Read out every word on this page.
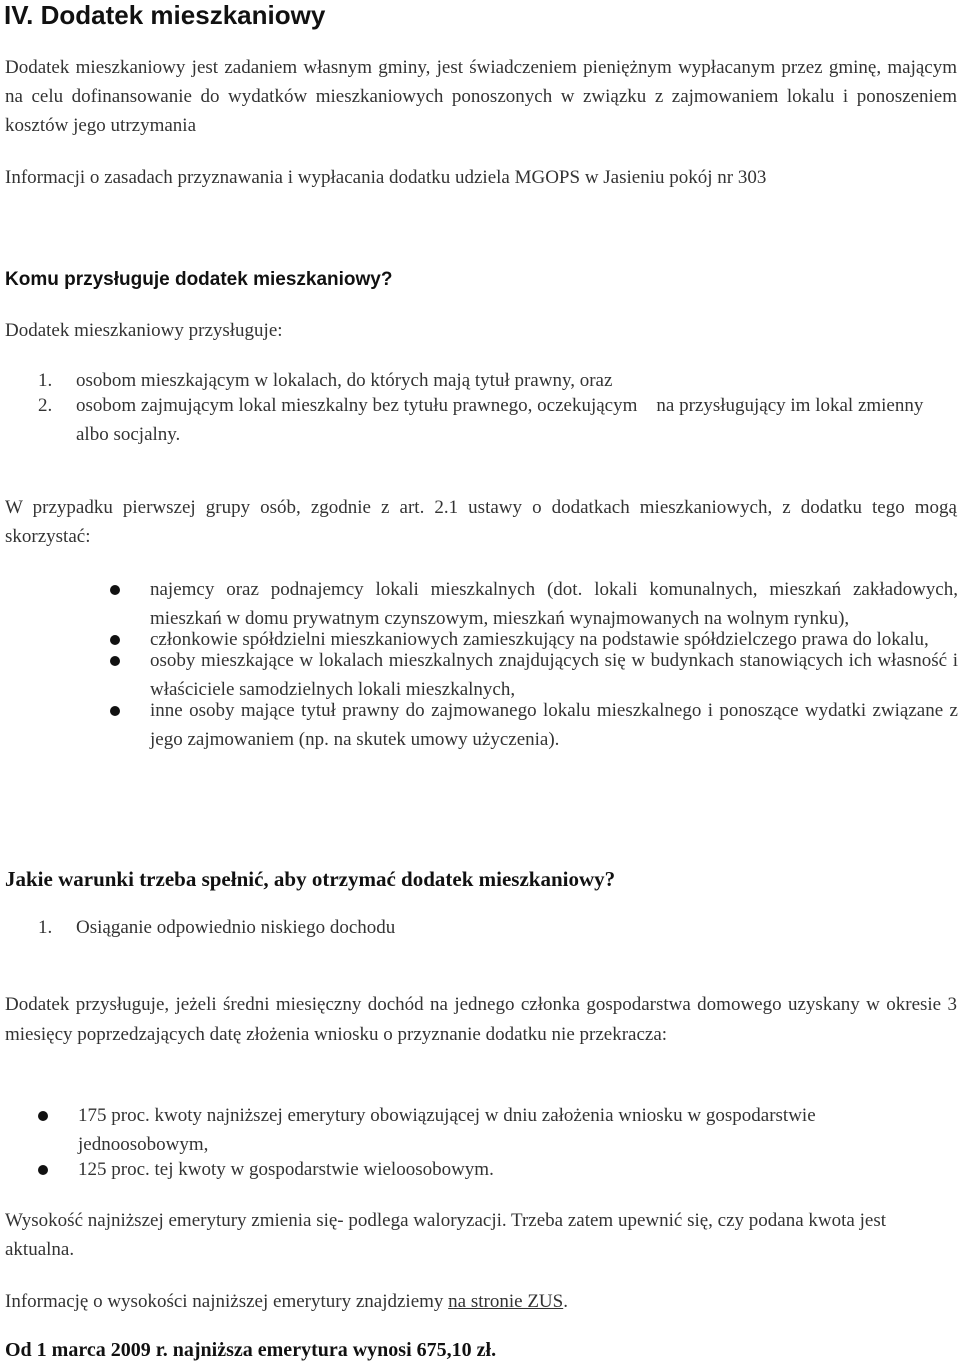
IV. Dodatek mieszkaniowy
Dodatek mieszkaniowy jest zadaniem własnym gminy, jest świadczeniem pieniężnym wypłacanym przez gminę, mającym na celu dofinansowanie do wydatków mieszkaniowych ponoszonych w związku z zajmowaniem lokalu i ponoszeniem kosztów jego utrzymania
Informacji o zasadach przyznawania i wypłacania dodatku udziela MGOPS w Jasieniu pokój nr 303
Komu przysługuje dodatek mieszkaniowy?
Dodatek mieszkaniowy przysługuje:
1.	osobom mieszkającym w lokalach, do których mają tytuł prawny, oraz
2.	osobom zajmującym lokal mieszkalny bez tytułu prawnego, oczekującym    na przysługujący im lokal zmienny albo socjalny.
W przypadku pierwszej grupy osób, zgodnie z art. 2.1 ustawy o dodatkach mieszkaniowych, z dodatku tego mogą skorzystać:
najemcy oraz podnajemcy lokali mieszkalnych (dot. lokali komunalnych, mieszkań zakładowych, mieszkań w domu prywatnym czynszowym, mieszkań wynajmowanych na wolnym rynku),
członkowie spółdzielni mieszkaniowych zamieszkujący na podstawie spółdzielczego prawa do lokalu,
osoby mieszkające w lokalach mieszkalnych znajdujących się w budynkach stanowiących ich własność i właściciele samodzielnych lokali mieszkalnych,
inne osoby mające tytuł prawny do zajmowanego lokalu mieszkalnego i ponoszące wydatki związane z jego zajmowaniem (np. na skutek umowy użyczenia).
Jakie warunki trzeba spełnić, aby otrzymać dodatek mieszkaniowy?
1.	Osiąganie odpowiednio niskiego dochodu
Dodatek przysługuje, jeżeli średni miesięczny dochód na jednego członka gospodarstwa domowego uzyskany w okresie 3 miesięcy poprzedzających datę złożenia wniosku o przyznanie dodatku nie przekracza:
175 proc. kwoty najniższej emerytury obowiązującej w dniu założenia wniosku w gospodarstwie jednoosobowym,
125 proc. tej kwoty w gospodarstwie wieloosobowym.
Wysokość najniższej emerytury zmienia się- podlega waloryzacji. Trzeba zatem upewnić się, czy podana kwota jest aktualna.
Informację o wysokości najniższej emerytury znajdziemy na stronie ZUS.
Od 1 marca 2009 r. najniższa emerytura wynosi 675,10 zł.
